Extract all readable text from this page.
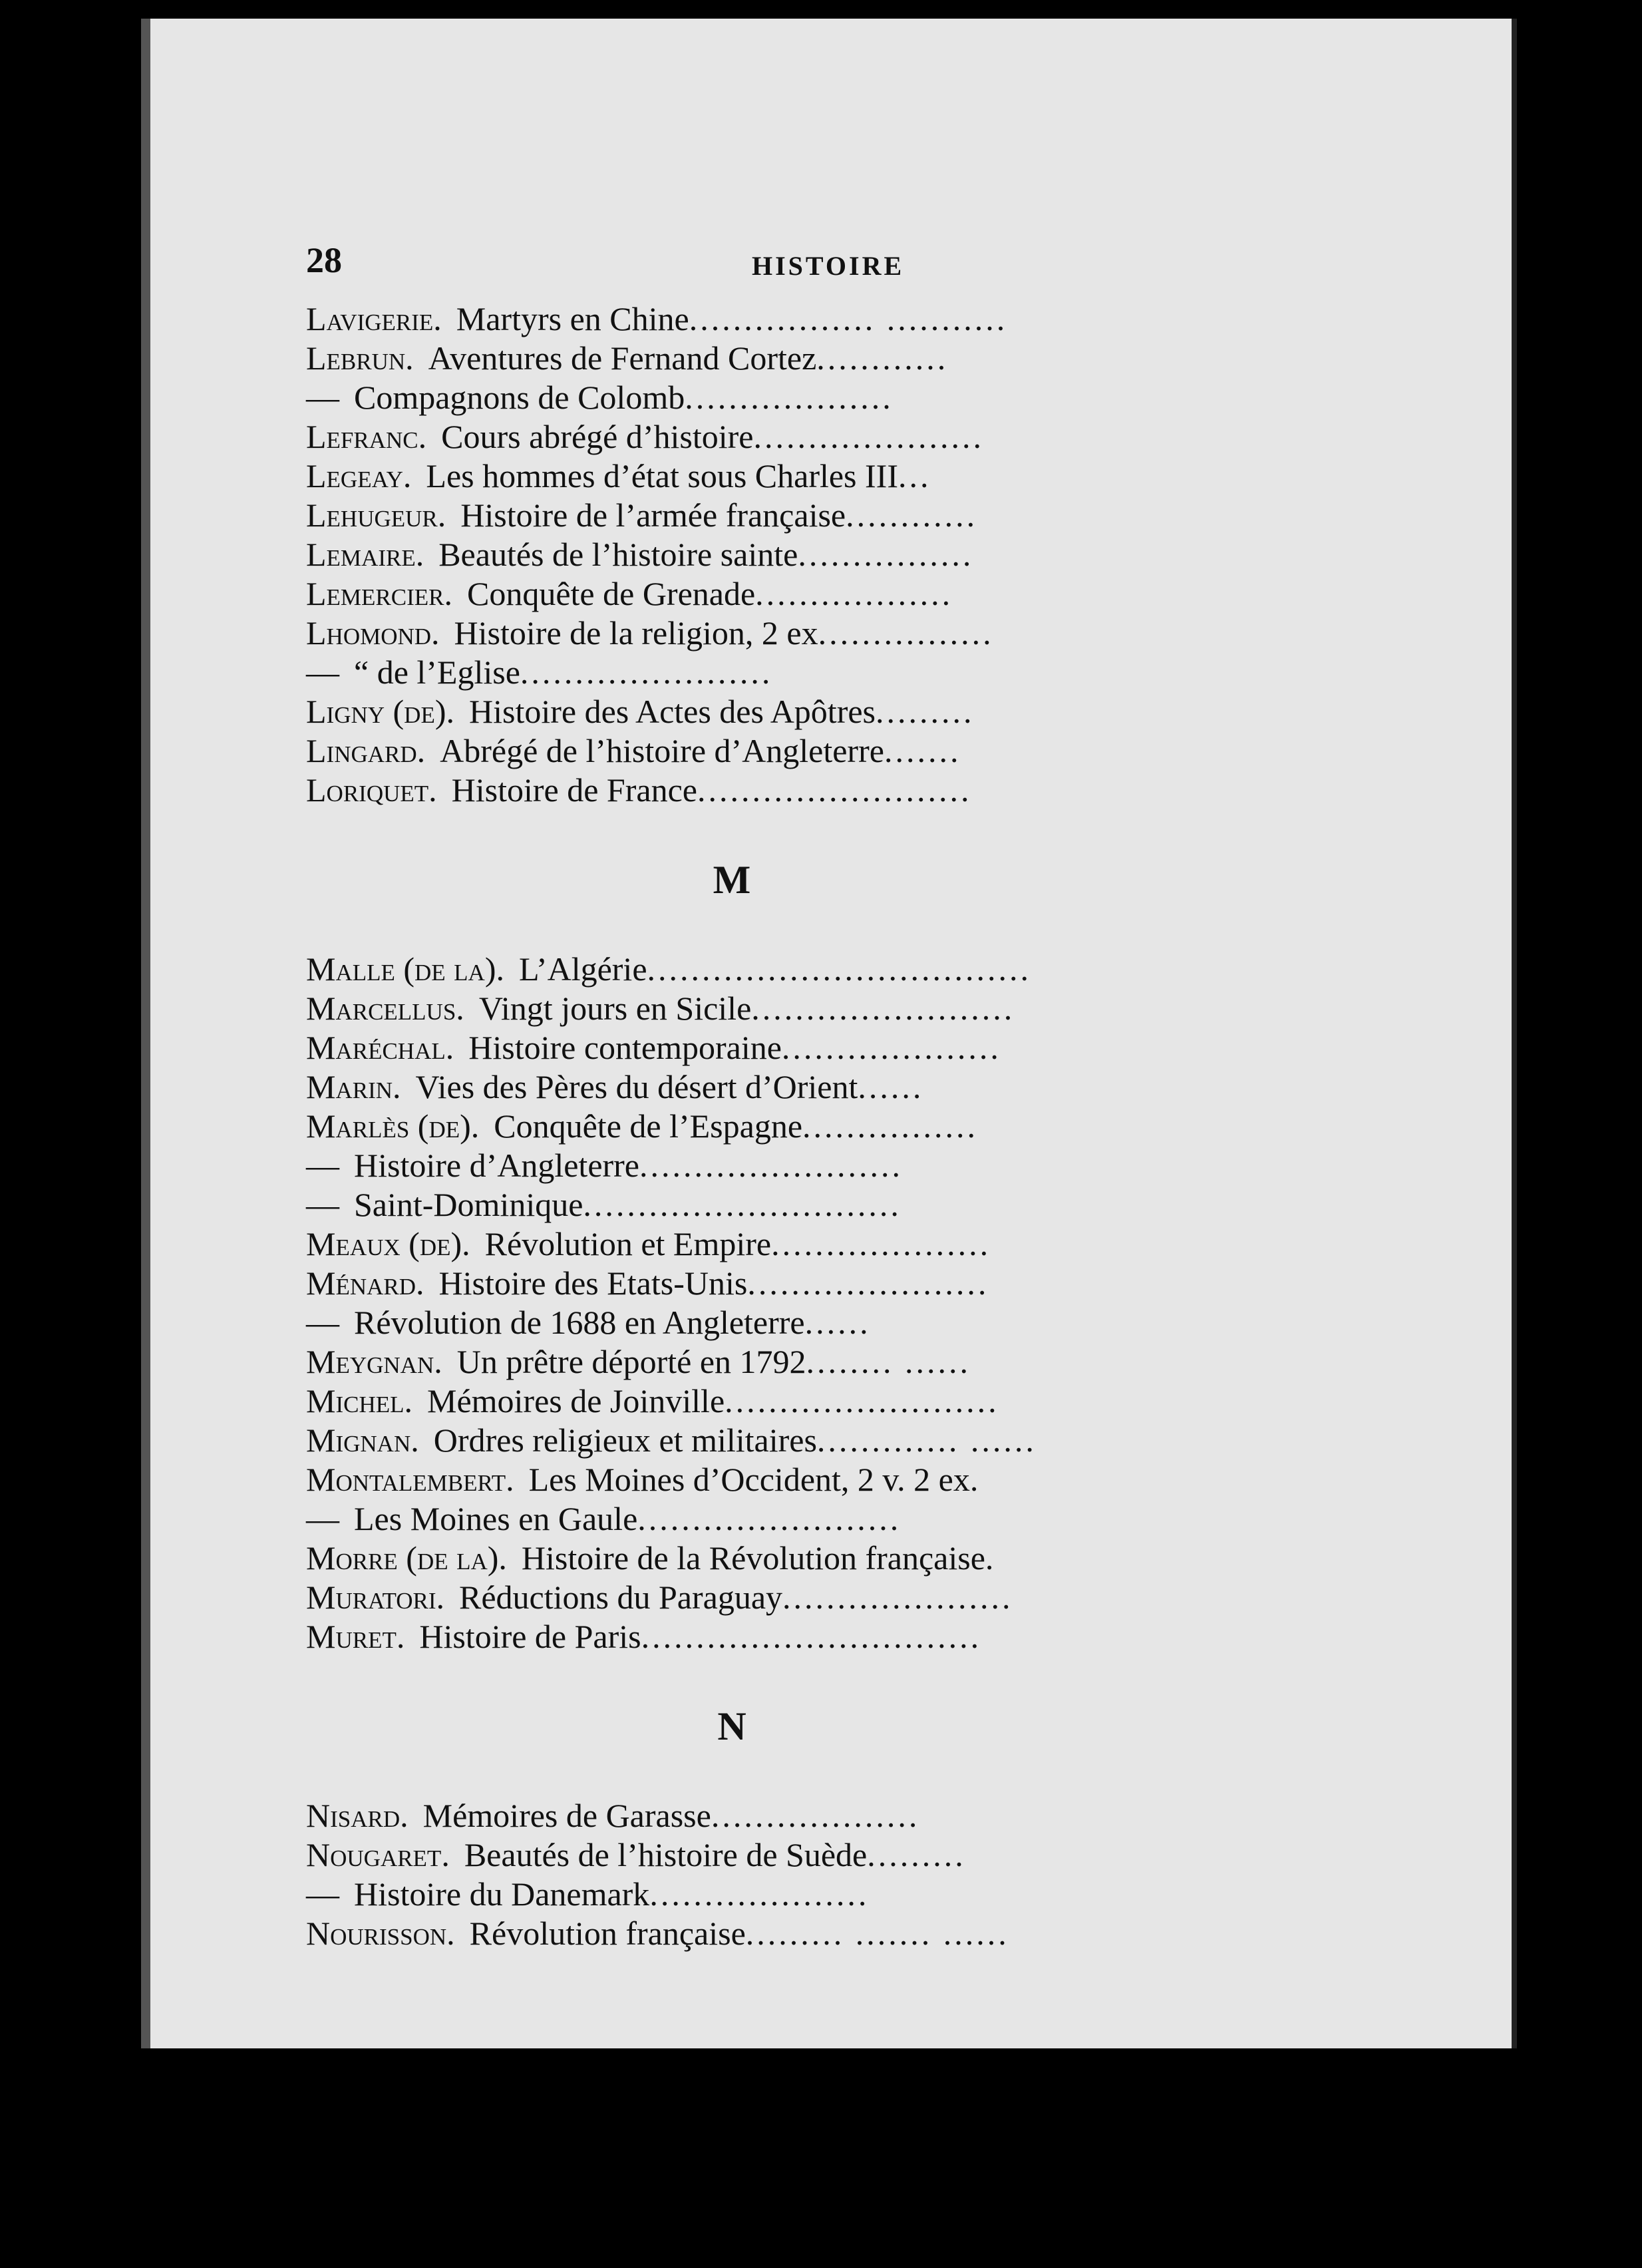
28	HISTOIRE
Lavigerie. Martyrs en Chine ................. ...........
Lebrun. Aventures de Fernand Cortez ............
— Compagnons de Colomb ...................
Lefranc. Cours abrégé d’histoire .....................
Legeay. Les hommes d’état sous Charles III ...
Lehugeur. Histoire de l’armée française ............
Lemaire. Beautés de l’histoire sainte ................
Lemercier. Conquête de Grenade ..................
Lhomond. Histoire de la religion, 2 ex ................
— “ de l’Eglise .......................
Ligny (de). Histoire des Actes des Apôtres .........
Lingard. Abrégé de l’histoire d’Angleterre .......
Loriquet. Histoire de France .........................
M
Malle (de la). L’Algérie ...................................
Marcellus. Vingt jours en Sicile ........................
Maréchal. Histoire contemporaine ....................
Marin. Vies des Pères du désert d’Orient ......
Marlès (de). Conquête de l’Espagne ................
— Histoire d’Angleterre ........................
— Saint-Dominique .............................
Meaux (de). Révolution et Empire ....................
Ménard. Histoire des Etats-Unis ......................
— Révolution de 1688 en Angleterre ......
Meygnan. Un prêtre déporté en 1792 ........ ......
Michel. Mémoires de Joinville .........................
Mignan. Ordres religieux et militaires ............. ......
Montalembert. Les Moines d’Occident, 2 v. 2 ex.
— Les Moines en Gaule ........................
Morre (de la). Histoire de la Révolution française.
Muratori. Réductions du Paraguay .....................
Muret. Histoire de Paris ...............................
N
Nisard. Mémoires de Garasse ...................
Nougaret. Beautés de l’histoire de Suède .........
— Histoire du Danemark ....................
Nourisson. Révolution française ......... ....... ......
